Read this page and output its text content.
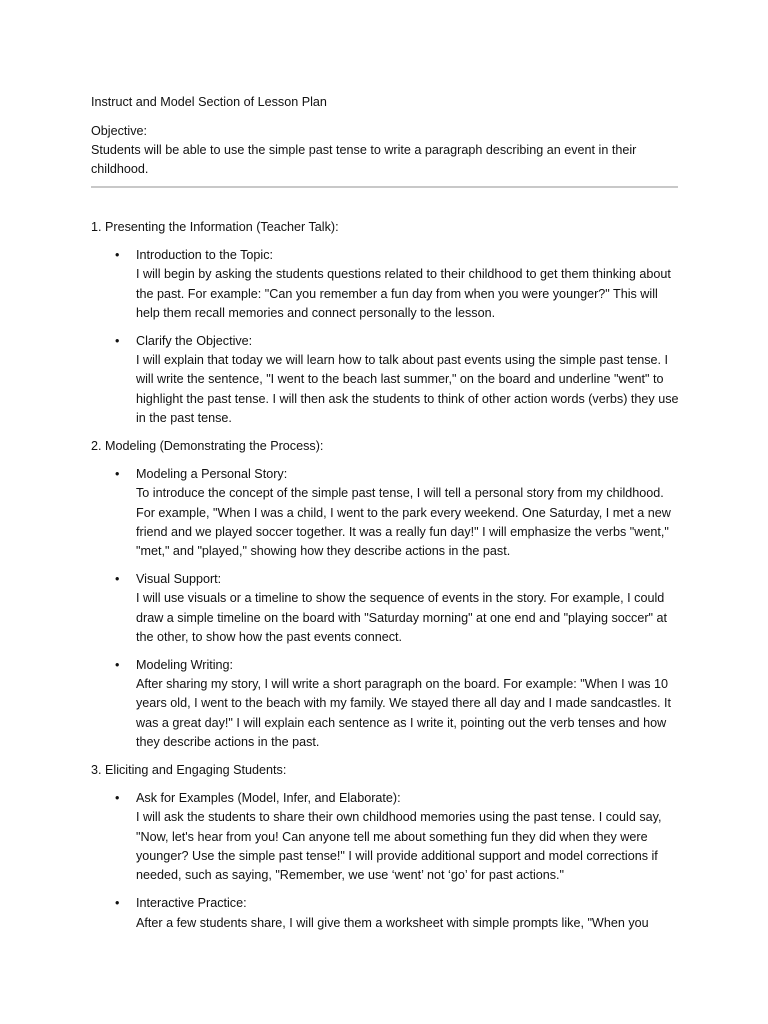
Instruct and Model Section of Lesson Plan
Objective:
Students will be able to use the simple past tense to write a paragraph describing an event in their childhood.

1. Presenting the Information (Teacher Talk):

• Introduction to the Topic:
I will begin by asking the students questions related to their childhood to get them thinking about the past. For example: "Can you remember a fun day from when you were younger?" This will help them recall memories and connect personally to the lesson.
• Clarify the Objective:
I will explain that today we will learn how to talk about past events using the simple past tense. I will write the sentence, "I went to the beach last summer," on the board and underline "went" to highlight the past tense. I will then ask the students to think of other action words (verbs) they use in the past tense.

2. Modeling (Demonstrating the Process):

• Modeling a Personal Story:
To introduce the concept of the simple past tense, I will tell a personal story from my childhood. For example, "When I was a child, I went to the park every weekend. One Saturday, I met a new friend and we played soccer together. It was a really fun day!" I will emphasize the verbs "went," "met," and "played," showing how they describe actions in the past.
• Visual Support:
I will use visuals or a timeline to show the sequence of events in the story. For example, I could draw a simple timeline on the board with "Saturday morning" at one end and "playing soccer" at the other, to show how the past events connect.
• Modeling Writing:
After sharing my story, I will write a short paragraph on the board. For example: "When I was 10 years old, I went to the beach with my family. We stayed there all day and I made sandcastles. It was a great day!" I will explain each sentence as I write it, pointing out the verb tenses and how they describe actions in the past.

3. Eliciting and Engaging Students:

• Ask for Examples (Model, Infer, and Elaborate):
I will ask the students to share their own childhood memories using the past tense. I could say, "Now, let's hear from you! Can anyone tell me about something fun they did when they were younger? Use the simple past tense!" I will provide additional support and model corrections if needed, such as saying, "Remember, we use ‘went’ not ‘go’ for past actions."
• Interactive Practice:
After a few students share, I will give them a worksheet with simple prompts like, "When you
